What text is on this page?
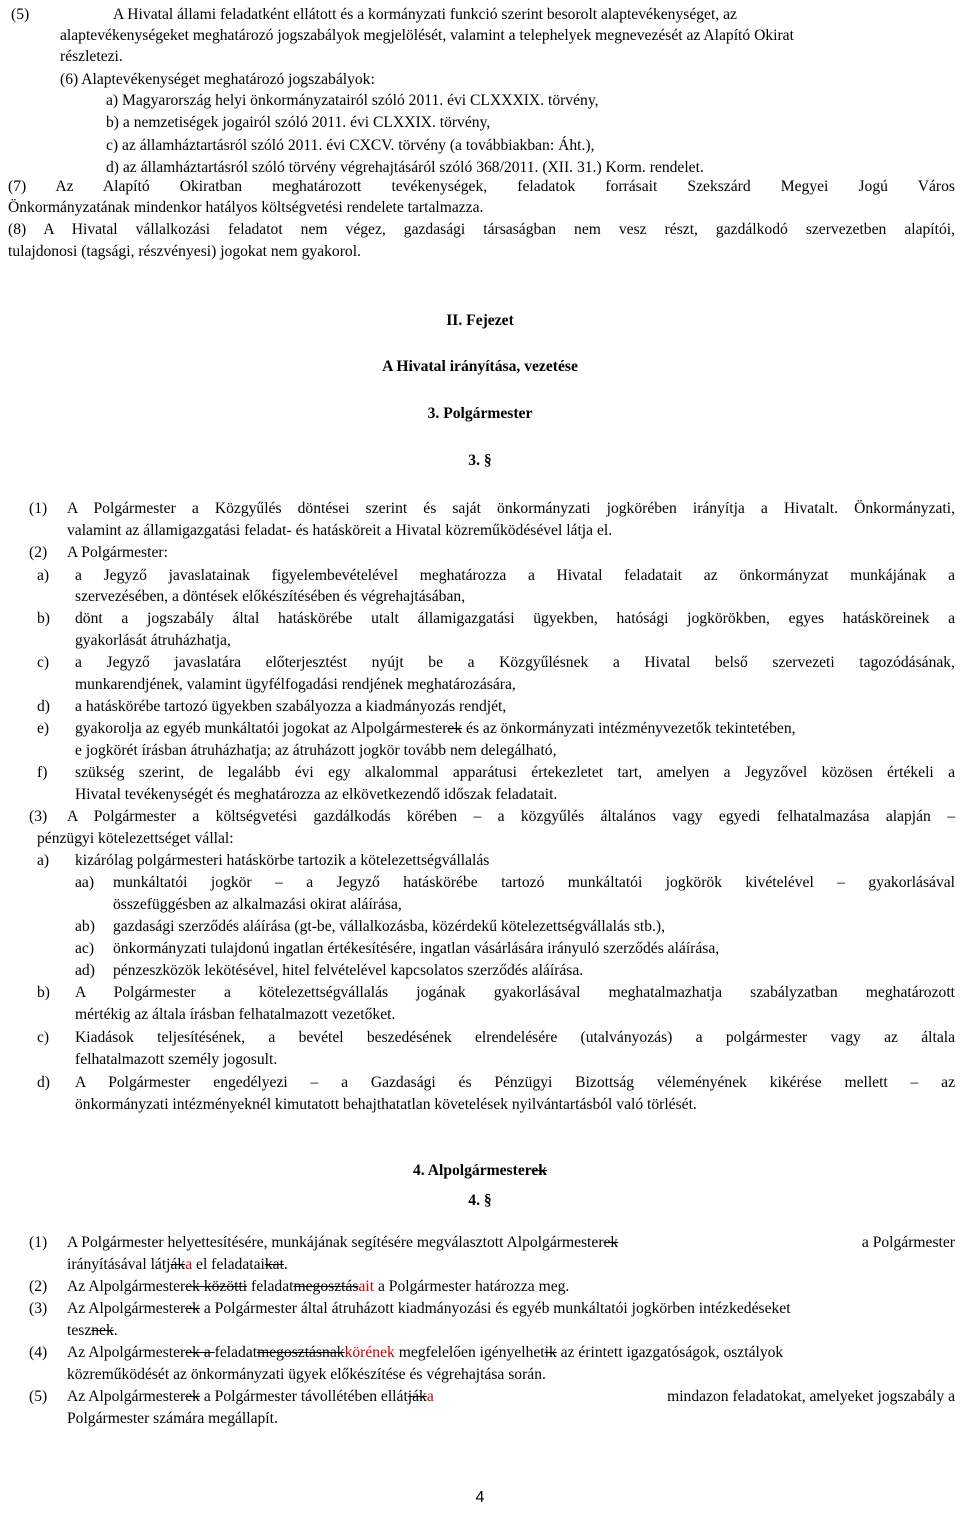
(5)	A Hivatal állami feladatként ellátott és a kormányzati funkció szerint besorolt alaptevékenységet, az
alaptevékenységeket meghatározó jogszabályok megjelölését, valamint a telephelyek megnevezését az Alapító Okirat
részletezi.
(6) Alaptevékenységet meghatározó jogszabályok:
a) Magyarország helyi önkormányzatairól szóló 2011. évi CLXXXIX. törvény,
b) a nemzetiségek jogairól szóló 2011. évi CLXXIX. törvény,
c) az államháztartásról szóló 2011. évi CXCV. törvény (a továbbiakban: Áht.),
d) az államháztartásról szóló törvény végrehajtásáról szóló 368/2011. (XII. 31.) Korm. rendelet.
(7) Az Alapító Okiratban meghatározott tevékenységek, feladatok forrásait Szekszárd Megyei Jogú Város
Önkormányzatának mindenkor hatályos költségvetési rendelete tartalmazza.
(8) A Hivatal vállalkozási feladatot nem végez, gazdasági társaságban nem vesz részt, gazdálkodó szervezetben alapítói,
tulajdonosi (tagsági, részvényesi) jogokat nem gyakorol.
II. Fejezet
A Hivatal irányítása, vezetése
3. Polgármester
3. §
(1) A Polgármester a Közgyűlés döntései szerint és saját önkormányzati jogkörében irányítja a Hivatalt. Önkormányzati,
valamint az államigazgatási feladat- és hatásköreit a Hivatal közreműködésével látja el.
(2) A Polgármester:
a) a Jegyző javaslatainak figyelembevételével meghatározza a Hivatal feladatait az önkormányzat munkájának a
szervezésében, a döntések előkészítésében és végrehajtásában,
b) dönt a jogszabály által hatáskörébe utalt államigazgatási ügyekben, hatósági jogkörökben, egyes hatásköreinek a
gyakorlását átruházhatja,
c) a Jegyző javaslatára előterjesztést nyújt be a Közgyűlésnek a Hivatal belső szervezeti tagozódásának,
munkarendjének, valamint ügyfélfogadási rendjének meghatározására,
d) a hatáskörébe tartozó ügyekben szabályozza a kiadmányozás rendjét,
e) gyakorolja az egyéb munkáltatói jogokat az Alpolgármesterek és az önkormányzati intézményvezetők tekintetében,
e jogkörét írásban átruházhatja; az átruházott jogkör tovább nem delegálható,
f) szükség szerint, de legalább évi egy alkalommal apparátusi értekezletet tart, amelyen a Jegyzővel közösen értékeli a
Hivatal tevékenységét és meghatározza az elkövetkezendő időszak feladatait.
(3) A Polgármester a költségvetési gazdálkodás körében – a közgyűlés általános vagy egyedi felhatalmazása alapján –
pénzügyi kötelezettséget vállal:
a) kizárólag polgármesteri hatáskörbe tartozik a kötelezettségvállalás
aa) munkáltatói jogkör – a Jegyző hatáskörébe tartozó munkáltatói jogkörök kivételével – gyakorlásával
összefüggésben az alkalmazási okirat aláírása,
ab) gazdasági szerződés aláírása (gt-be, vállalkozásba, közérdekű kötelezettségvállalás stb.),
ac) önkormányzati tulajdonú ingatlan értékesítésére, ingatlan vásárlására irányuló szerződés aláírása,
ad) pénzeszközök lekötésével, hitel felvételével kapcsolatos szerződés aláírása.
b) A Polgármester a kötelezettségvállalás jogának gyakorlásával meghatalmazhatja szabályzatban meghatározott
mértékig az általa írásban felhatalmazott vezetőket.
c) Kiadások teljesítésének, a bevétel beszedésének elrendelésére (utalványozás) a polgármester vagy az általa
felhatalmazott személy jogosult.
d) A Polgármester engedélyezi – a Gazdasági és Pénzügyi Bizottság véleményének kikérése mellett – az
önkormányzati intézményeknél kimutatott behajthatatlan követelések nyilvántartásból való törlését.
4. Alpolgármesterek
4. §
(1) A Polgármester helyettesítésére, munkájának segítésére megválasztott Alpolgármesterek	a Polgármester
irányításával látjáka el feladataikat.
(2) Az Alpolgármesterek közötti feladatmegosztásait a Polgármester határozza meg.
(3) Az Alpolgármesterek a Polgármester által átruházott kiadmányozási és egyéb munkáltatói jogkörben intézkedéseket
tesznek.
(4) Az Alpolgármesterek a feladatmegosztásnakkörének megfelelően igényelhetik az érintett igazgatóságok, osztályok
közreműködését az önkormányzati ügyek előkészítése és végrehajtása során.
(5) Az Alpolgármesterek a Polgármester távollétében ellátjáka	mindazon feladatokat, amelyeket jogszabály a
Polgármester számára megállapít.
4
